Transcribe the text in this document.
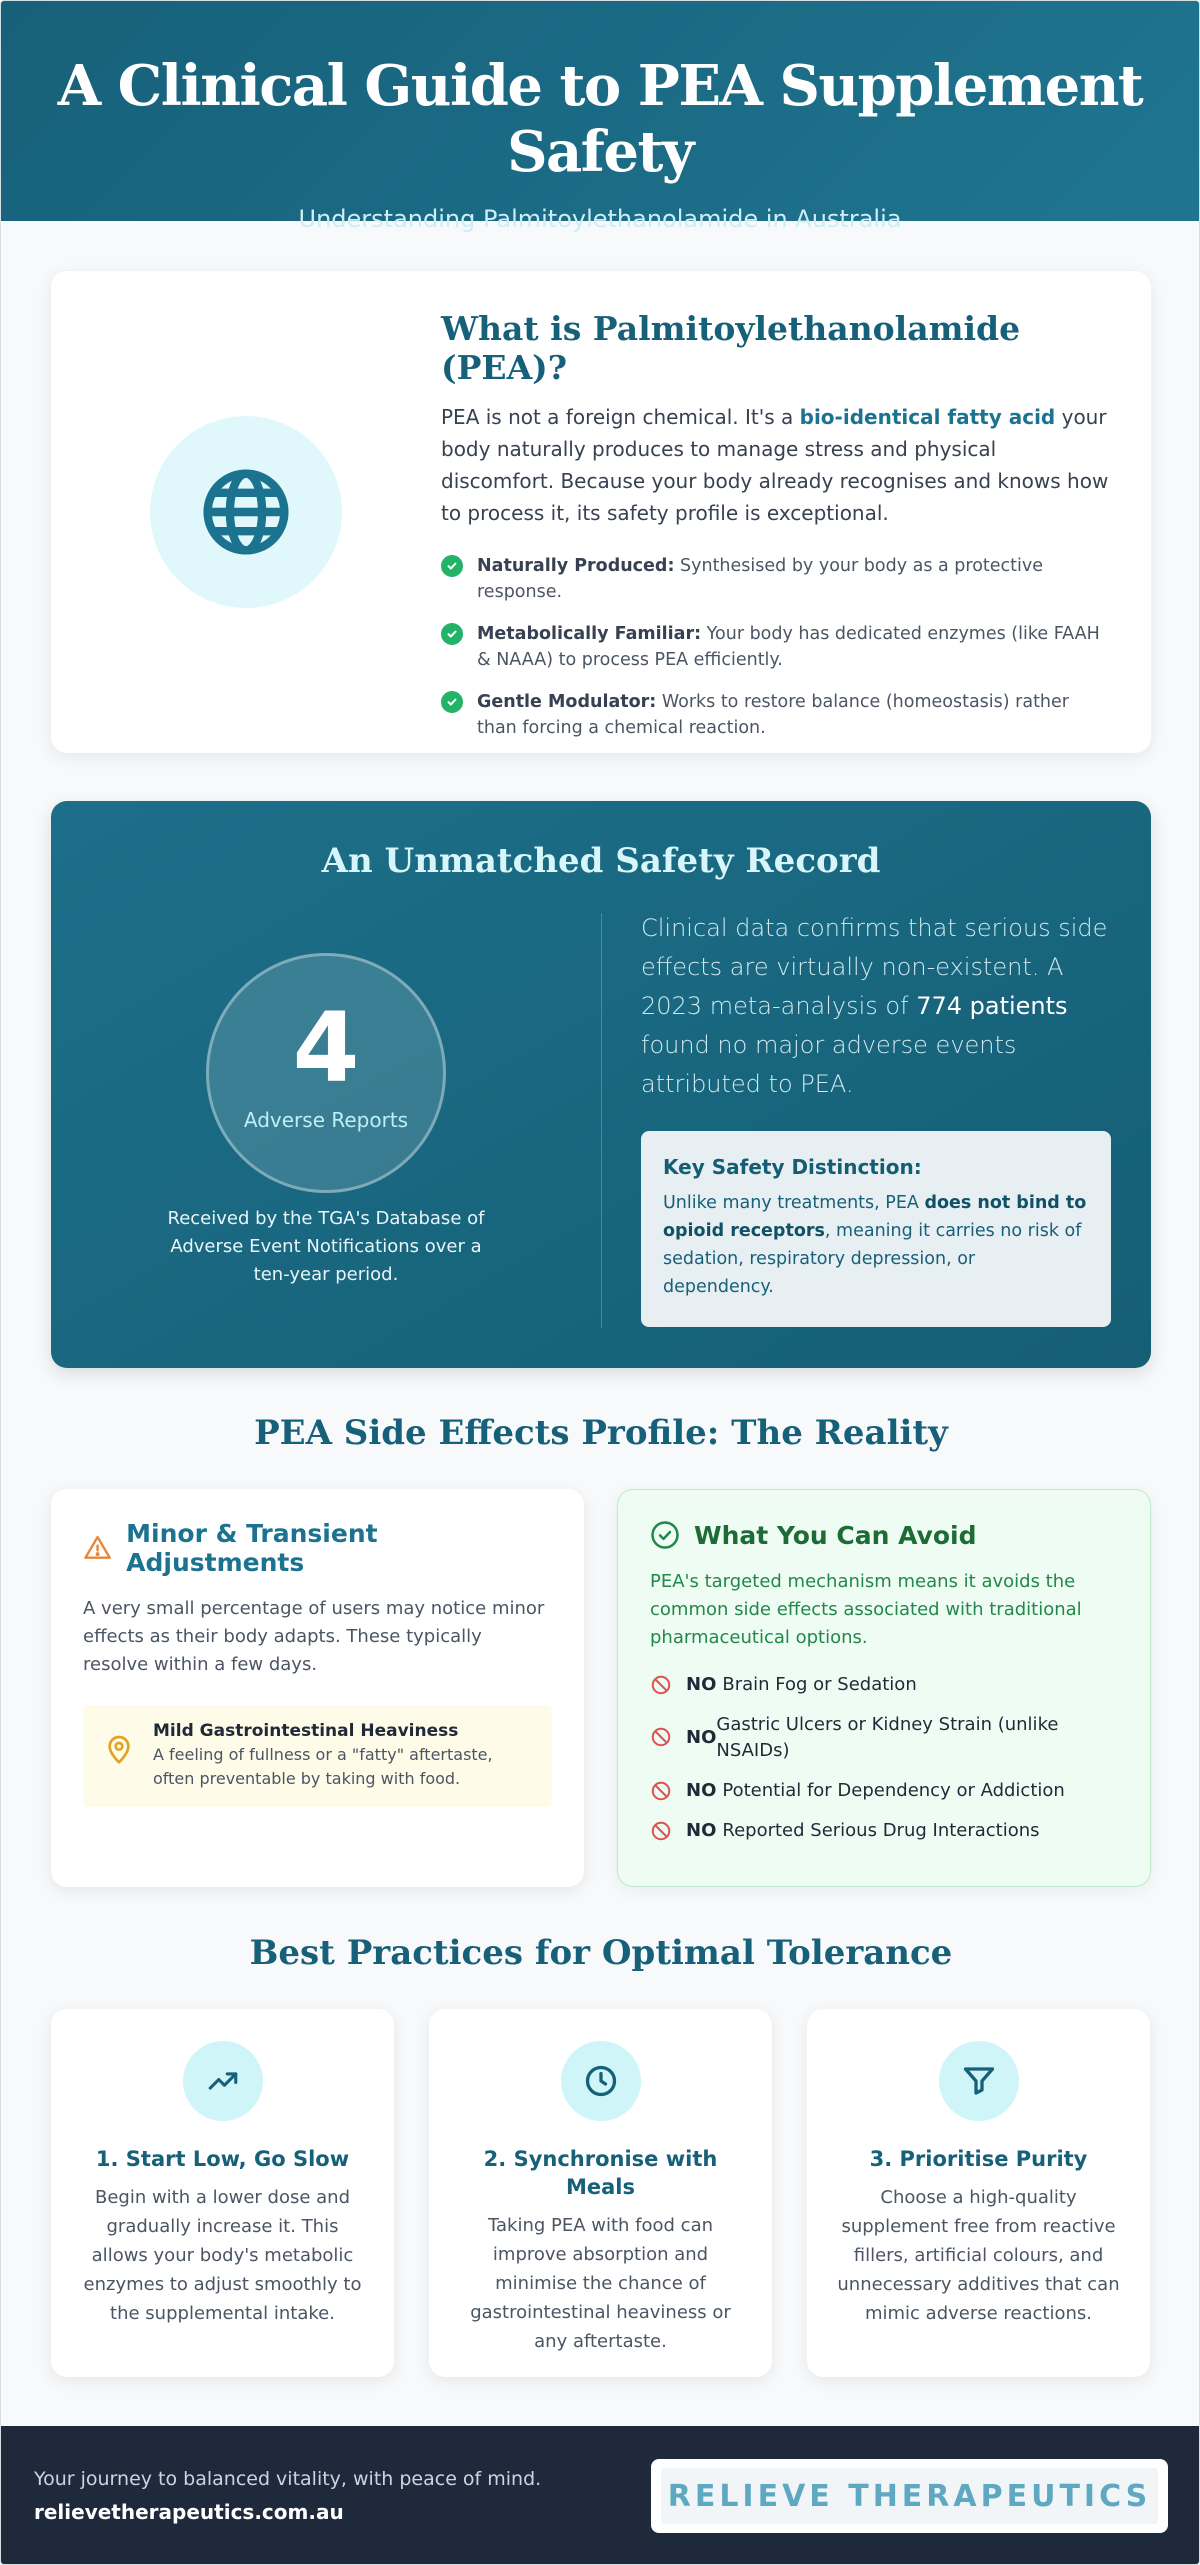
A Clinical Guide to PEA Supplement Safety
Understanding Palmitoylethanolamide in Australia
What is Palmitoylethanolamide (PEA)?

PEA is not a foreign chemical. It's a bio-identical fatty acid your body naturally produces to manage stress and physical discomfort. Because your body already recognises and knows how to process it, its safety profile is exceptional.

Naturally Produced: Synthesised by your body as a protective response.
Metabolically Familiar: Your body has dedicated enzymes (like FAAH & NAAA) to process PEA efficiently.
Gentle Modulator: Works to restore balance (homeostasis) rather than forcing a chemical reaction.
An Unmatched Safety Record
4
Adverse Reports
Received by the TGA's Database of Adverse Event Notifications over a ten-year period.

Clinical data confirms that serious side effects are virtually non-existent. A 2023 meta-analysis of 774 patients found no major adverse events attributed to PEA.

Key Safety Distinction:

Unlike many treatments, PEA does not bind to opioid receptors, meaning it carries no risk of sedation, respiratory depression, or dependency.

PEA Side Effects Profile: The Reality
Minor & Transient Adjustments

A very small percentage of users may notice minor effects as their body adapts. These typically resolve within a few days.

Mild Gastrointestinal Heaviness

A feeling of fullness or a "fatty" aftertaste, often preventable by taking with food.

What You Can Avoid

PEA's targeted mechanism means it avoids the common side effects associated with traditional pharmaceutical options.

NO Brain Fog or Sedation
NO
Gastric Ulcers or Kidney Strain (unlike NSAIDs)
NO Potential for Dependency or Addiction
NO Reported Serious Drug Interactions
Best Practices for Optimal Tolerance
1. Start Low, Go Slow

Begin with a lower dose and gradually increase it. This allows your body's metabolic enzymes to adjust smoothly to the supplemental intake.

2. Synchronise with Meals

Taking PEA with food can improve absorption and minimise the chance of gastrointestinal heaviness or any aftertaste.

3. Prioritise Purity

Choose a high-quality supplement free from reactive fillers, artificial colours, and unnecessary additives that can mimic adverse reactions.

Your journey to balanced vitality, with peace of mind.
relievetherapeutics.com.au	RELIEVE THERAPEUTICS
